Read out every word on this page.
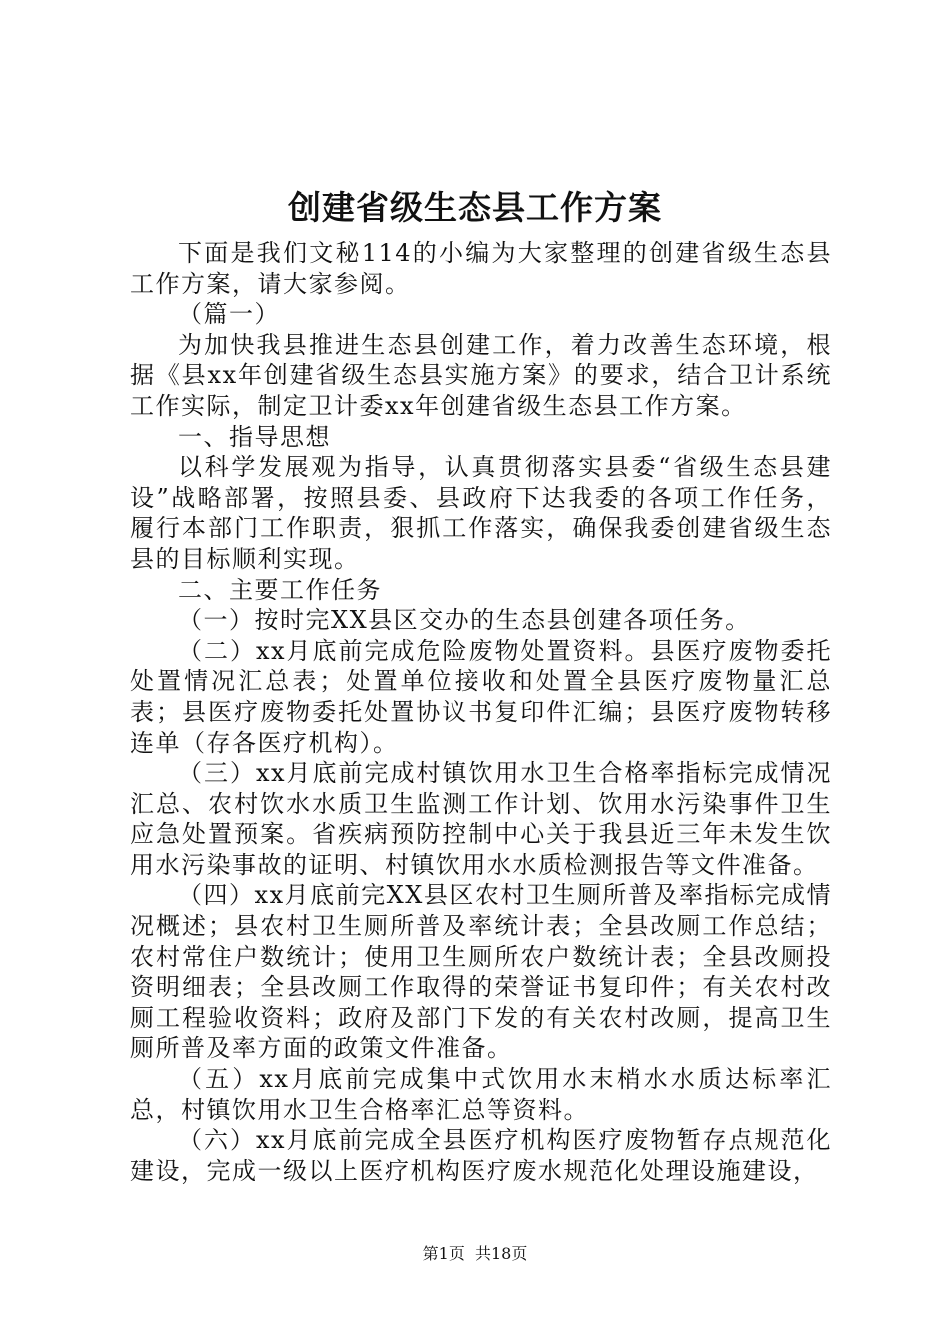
创建省级生态县工作方案

下面是我们文秘114的小编为大家整理的创建省级生态县工作方案，请大家参阅。

（篇一）

为加快我县推进生态县创建工作，着力改善生态环境，根据《县xx年创建省级生态县实施方案》的要求，结合卫计系统工作实际，制定卫计委xx年创建省级生态县工作方案。

一、指导思想

以科学发展观为指导，认真贯彻落实县委“省级生态县建设”战略部署，按照县委、县政府下达我委的各项工作任务，履行本部门工作职责，狠抓工作落实，确保我委创建省级生态县的目标顺利实现。

二、主要工作任务

（一）按时完XX县区交办的生态县创建各项任务。

（二）xx月底前完成危险废物处置资料。县医疗废物委托处置情况汇总表；处置单位接收和处置全县医疗废物量汇总表；县医疗废物委托处置协议书复印件汇编；县医疗废物转移连单（存各医疗机构）。

（三）xx月底前完成村镇饮用水卫生合格率指标完成情况汇总、农村饮水水质卫生监测工作计划、饮用水污染事件卫生应急处置预案。省疾病预防控制中心关于我县近三年未发生饮用水污染事故的证明、村镇饮用水水质检测报告等文件准备。

（四）xx月底前完XX县区农村卫生厕所普及率指标完成情况概述；县农村卫生厕所普及率统计表；全县改厕工作总结；农村常住户数统计；使用卫生厕所农户数统计表；全县改厕投资明细表；全县改厕工作取得的荣誉证书复印件；有关农村改厕工程验收资料；政府及部门下发的有关农村改厕，提高卫生厕所普及率方面的政策文件准备。

（五）xx月底前完成集中式饮用水末梢水水质达标率汇总，村镇饮用水卫生合格率汇总等资料。

（六）xx月底前完成全县医疗机构医疗废物暂存点规范化建设，完成一级以上医疗机构医疗废水规范化处理设施建设，

第1页  共18页
